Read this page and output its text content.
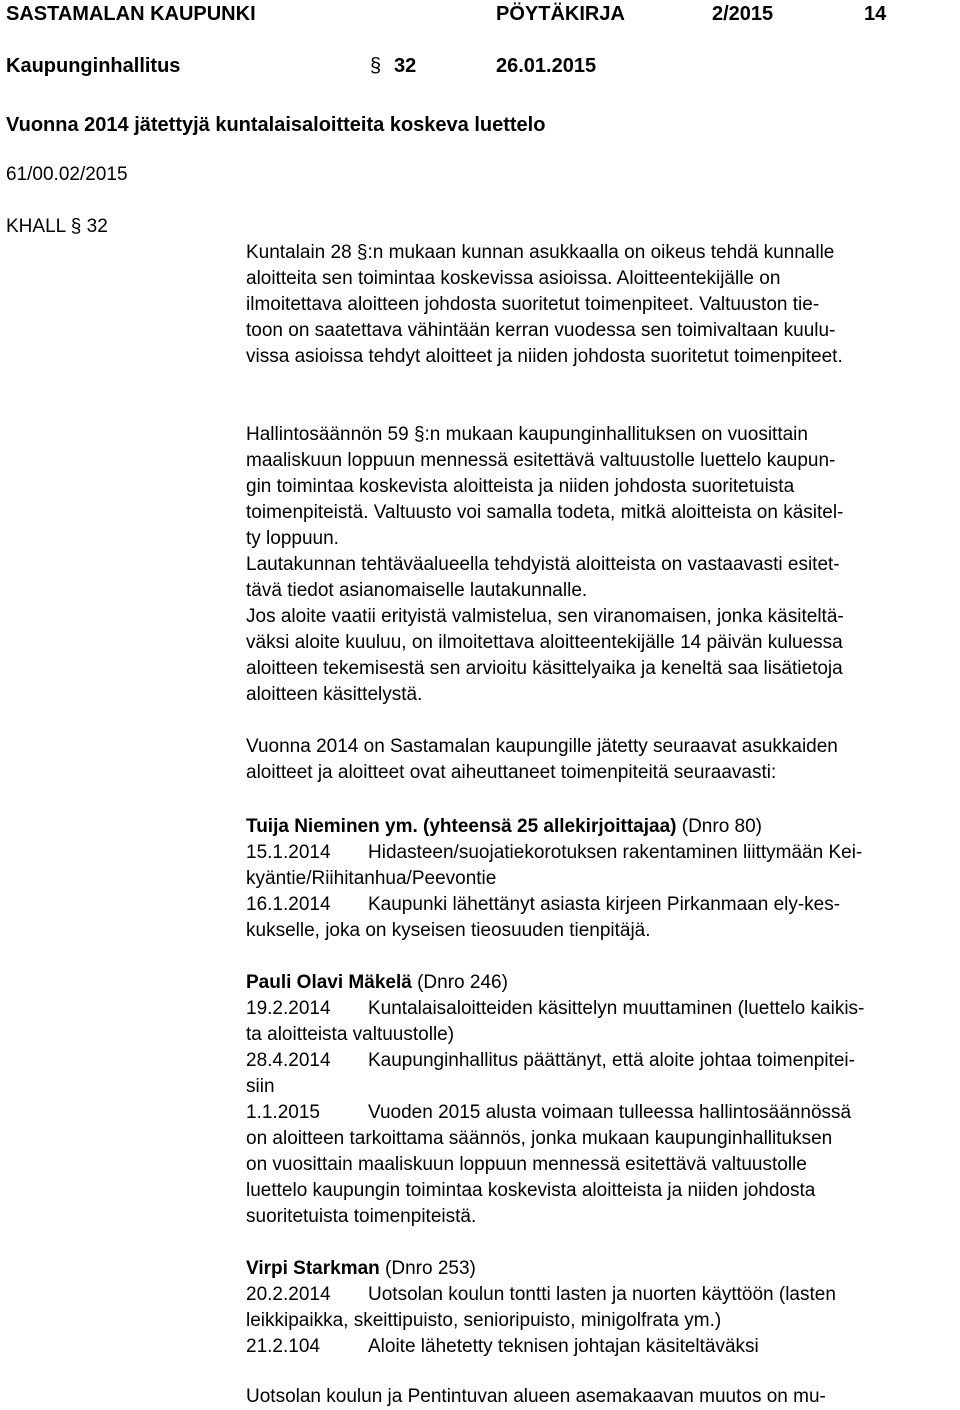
SASTAMALAN KAUPUNKI	PÖYTÄKIRJA	2/2015	14
Kaupunginhallitus	§ 32	26.01.2015
Vuonna 2014 jätettyjä kuntalaisaloitteita koskeva luettelo
61/00.02/2015
KHALL § 32
Kuntalain 28 §:n mukaan kunnan asukkaalla on oikeus tehdä kunnalle
aloitteita sen toimintaa koskevissa asioissa. Aloitteentekijälle on
ilmoitettava aloitteen johdosta suoritetut toimenpiteet. Valtuuston tie-
toon on saatettava vähintään kerran vuodessa sen toimivaltaan kuulu-
vissa asioissa tehdyt aloitteet ja niiden johdosta suoritetut toimenpiteet.
Hallintosäännön 59 §:n mukaan kaupunginhallituksen on vuosittain
maaliskuun loppuun mennessä esitettävä valtuustolle luettelo kaupun-
gin toimintaa koskevista aloitteista ja niiden johdosta suoritetuista
toimenpiteistä. Valtuusto voi samalla todeta, mitkä aloitteista on käsitel-
ty loppuun.
Lautakunnan tehtäväalueella tehdyistä aloitteista on vastaavasti esitet-
tävä tiedot asianomaiselle lautakunnalle.
Jos aloite vaatii erityistä valmistelua, sen viranomaisen, jonka käsiteltä-
väksi aloite kuuluu, on ilmoitettava aloitteentekijälle 14 päivän kuluessa
aloitteen tekemisestä sen arvioitu käsittelyaika ja keneltä saa lisätietoja
aloitteen käsittelystä.
Vuonna 2014 on Sastamalan kaupungille jätetty seuraavat asukkaiden
aloitteet ja aloitteet ovat aiheuttaneet toimenpiteitä seuraavasti:
Tuija Nieminen ym. (yhteensä 25 allekirjoittajaa) (Dnro 80)
15.1.2014 Hidasteen/suojatiekorotuksen rakentaminen liittymään Kei-
kyäntie/Riihitanhua/Peevontie
16.1.2014 Kaupunki lähettänyt asiasta kirjeen Pirkanmaan ely-kes-
kukselle, joka on kyseisen tieosuuden tienpitäjä.
Pauli Olavi Mäkelä (Dnro 246)
19.2.2014 Kuntalaisaloitteiden käsittelyn muuttaminen (luettelo kaikis-
ta aloitteista valtuustolle)
28.4.2014 Kaupunginhallitus päättänyt, että aloite johtaa toimenpitei-
siin
1.1.2015	Vuoden 2015 alusta voimaan tulleessa hallintosäännössä
on aloitteen tarkoittama säännös, jonka mukaan kaupunginhallituksen
on vuosittain maaliskuun loppuun mennessä esitettävä valtuustolle
luettelo kaupungin toimintaa koskevista aloitteista ja niiden johdosta
suoritetuista toimenpiteistä.
Virpi Starkman (Dnro 253)
20.2.2014 Uotsolan koulun tontti lasten ja nuorten käyttöön (lasten
leikkipaikka, skeittipuisto, senioripuisto, minigolfrata ym.)
21.2.104	Aloite lähetetty teknisen johtajan käsiteltäväksi
Uotsolan koulun ja Pentintuvan alueen asemakaavan muutos on mu-
